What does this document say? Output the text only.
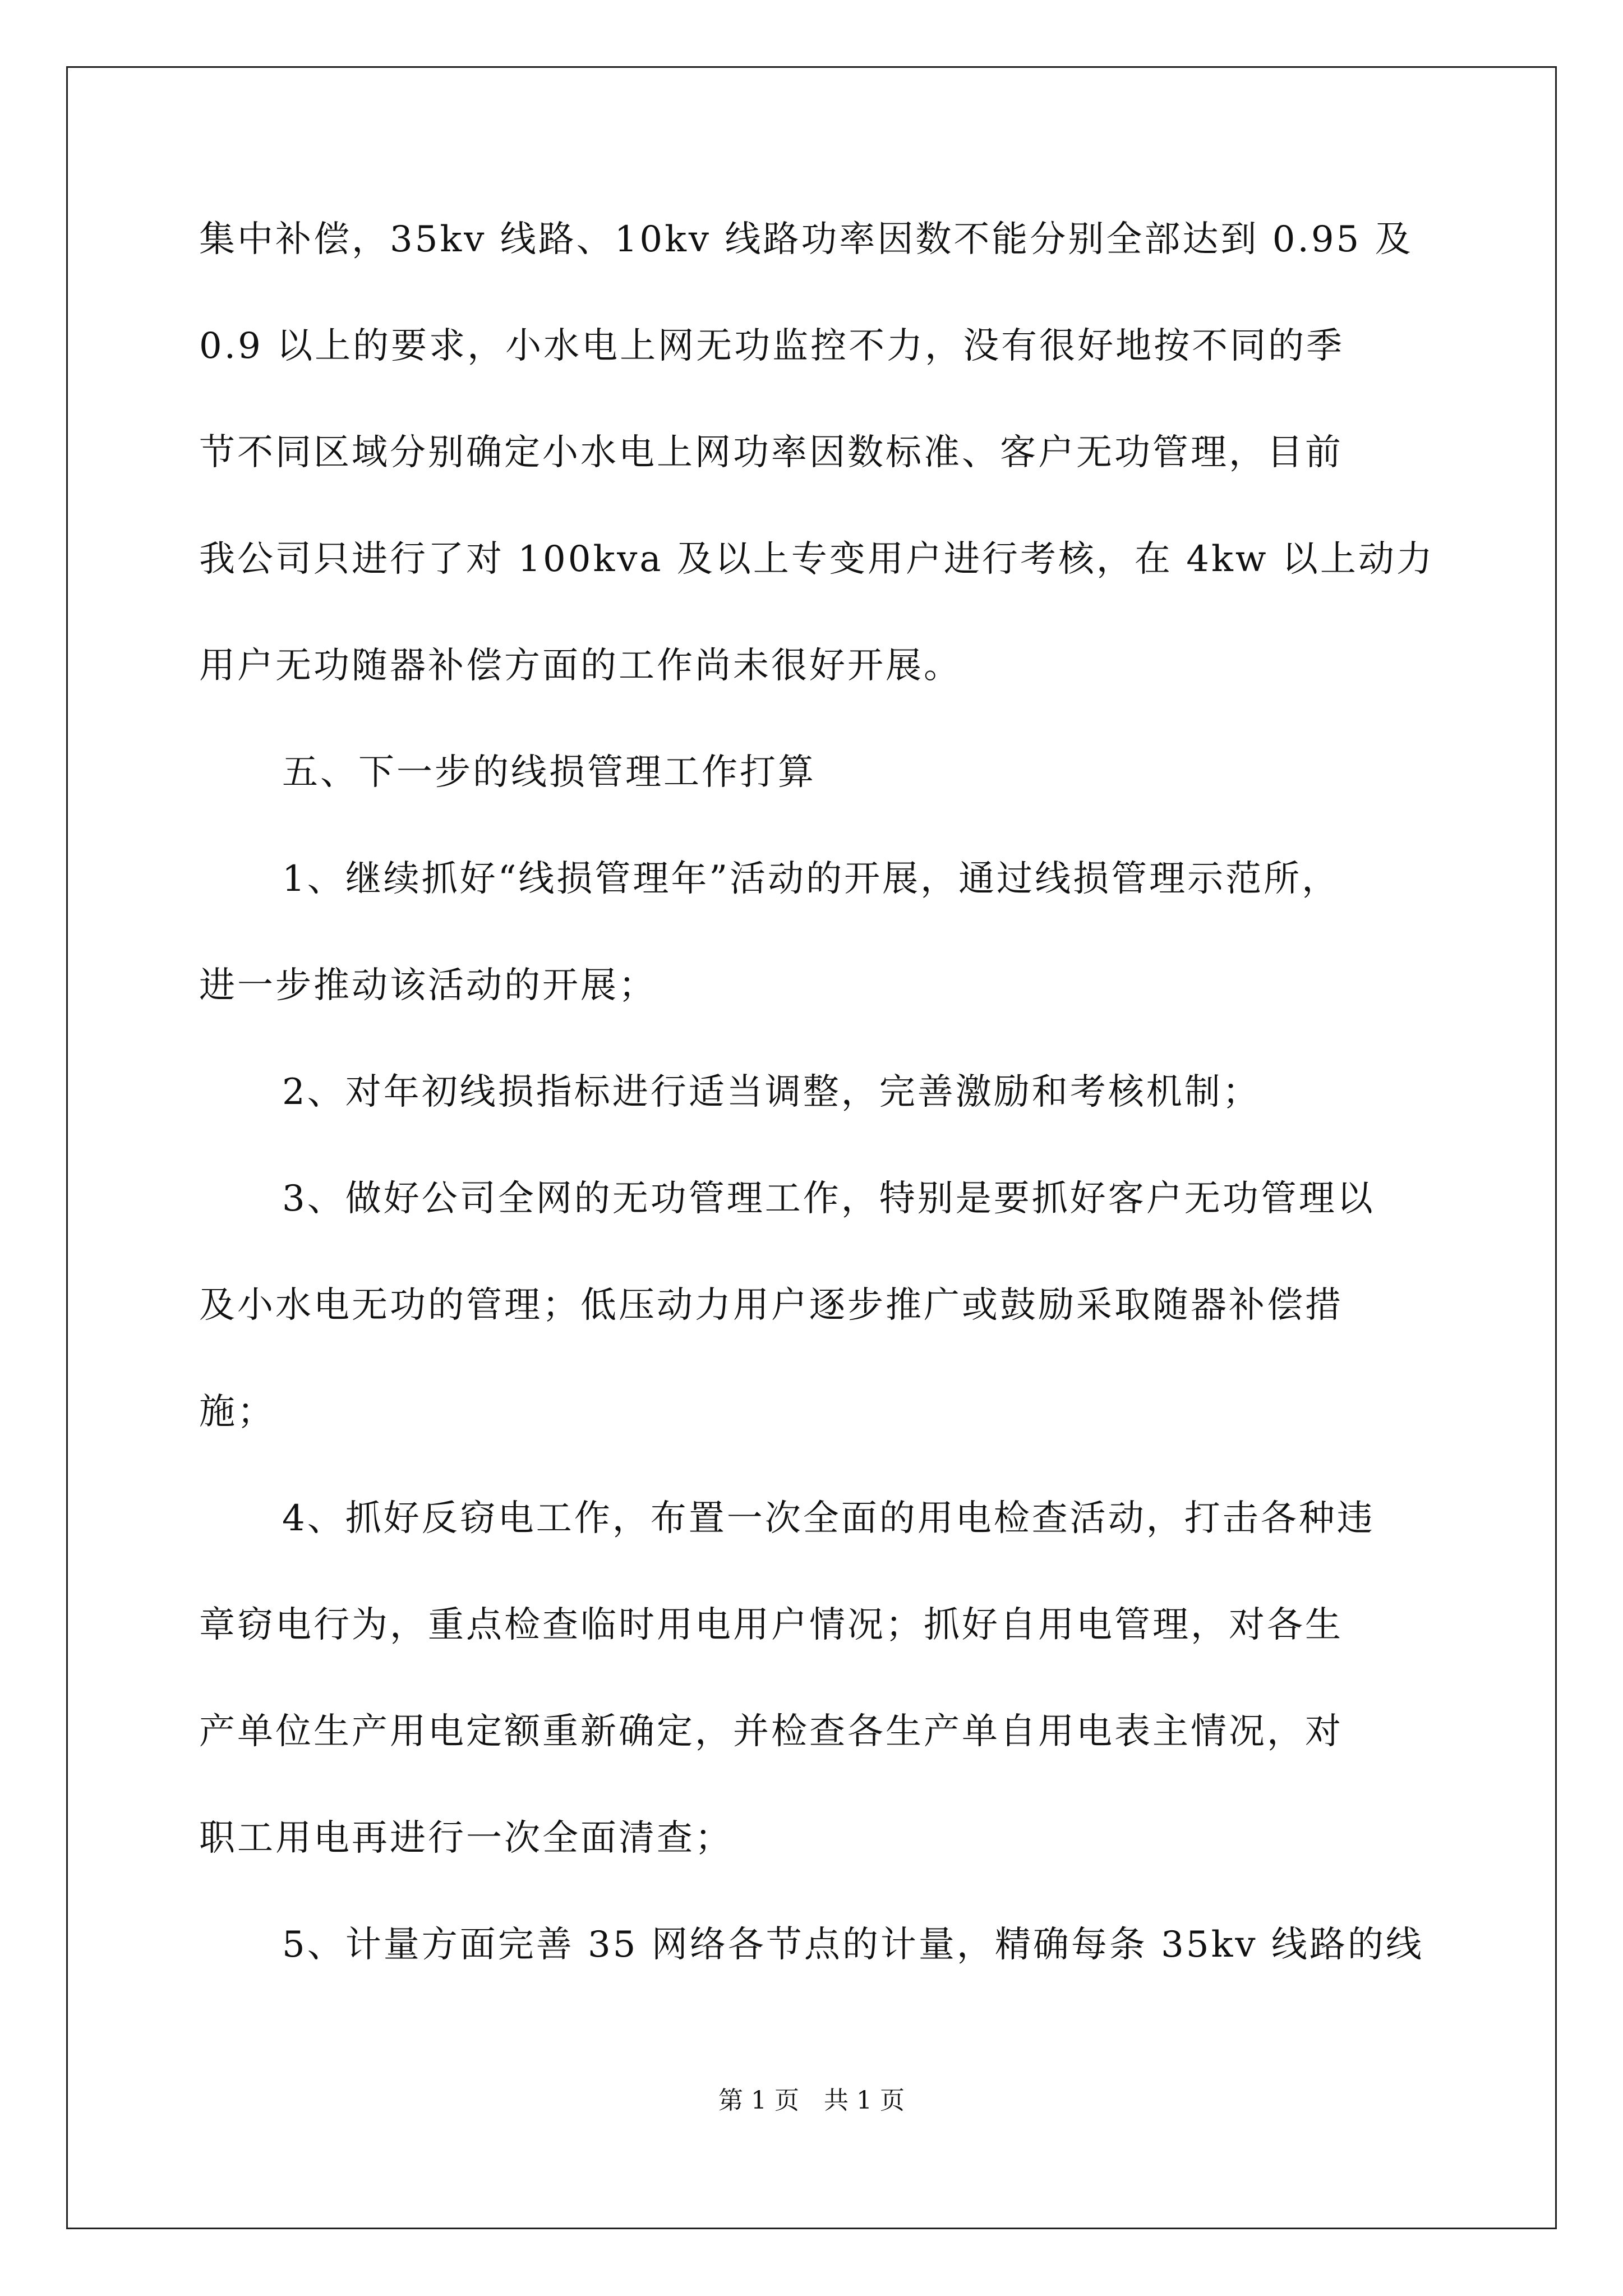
集中补偿，35kv 线路、10kv 线路功率因数不能分别全部达到 0.95 及

0.9 以上的要求，小水电上网无功监控不力，没有很好地按不同的季

节不同区域分别确定小水电上网功率因数标准、客户无功管理，目前

我公司只进行了对 100kva 及以上专变用户进行考核，在 4kw 以上动力

用户无功随器补偿方面的工作尚未很好开展。

五、下一步的线损管理工作打算

1、继续抓好“线损管理年”活动的开展，通过线损管理示范所，

进一步推动该活动的开展；

2、对年初线损指标进行适当调整，完善激励和考核机制；

3、做好公司全网的无功管理工作，特别是要抓好客户无功管理以

及小水电无功的管理；低压动力用户逐步推广或鼓励采取随器补偿措

施；

4、抓好反窃电工作，布置一次全面的用电检查活动，打击各种违

章窃电行为，重点检查临时用电用户情况；抓好自用电管理，对各生

产单位生产用电定额重新确定，并检查各生产单自用电表主情况，对

职工用电再进行一次全面清查；

5、计量方面完善 35 网络各节点的计量，精确每条 35kv 线路的线

第 1 页　共 1 页
